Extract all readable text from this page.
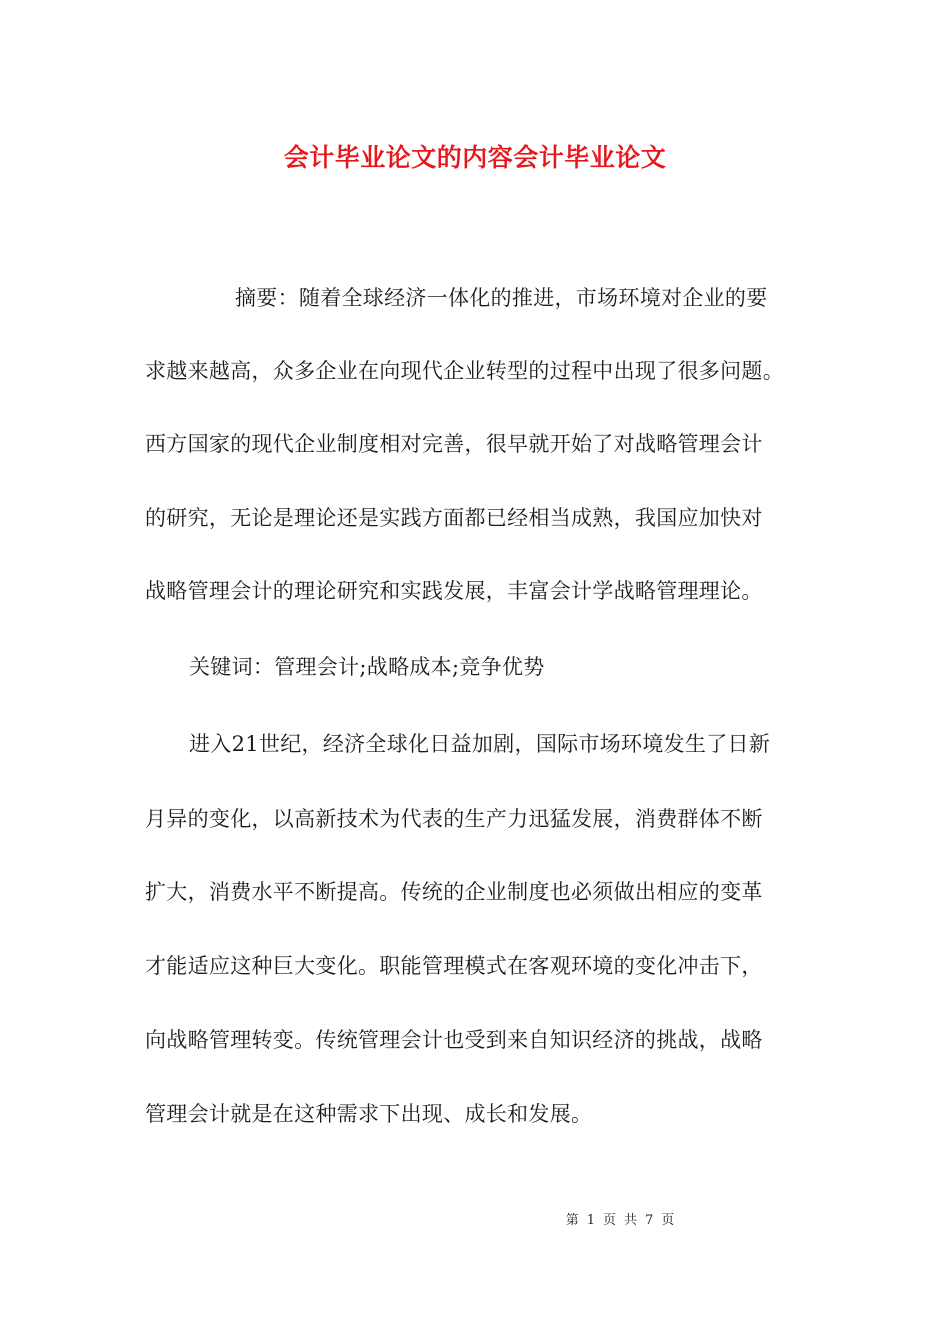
会计毕业论文的内容会计毕业论文
摘要：随着全球经济一体化的推进，市场环境对企业的要
求越来越高，众多企业在向现代企业转型的过程中出现了很多问题。
西方国家的现代企业制度相对完善，很早就开始了对战略管理会计
的研究，无论是理论还是实践方面都已经相当成熟，我国应加快对
战略管理会计的理论研究和实践发展，丰富会计学战略管理理论。
关键词：管理会计;战略成本;竞争优势
进入21世纪，经济全球化日益加剧，国际市场环境发生了日新
月异的变化，以高新技术为代表的生产力迅猛发展，消费群体不断
扩大，消费水平不断提高。传统的企业制度也必须做出相应的变革
才能适应这种巨大变化。职能管理模式在客观环境的变化冲击下，
向战略管理转变。传统管理会计也受到来自知识经济的挑战，战略
管理会计就是在这种需求下出现、成长和发展。
第 1 页 共 7 页
